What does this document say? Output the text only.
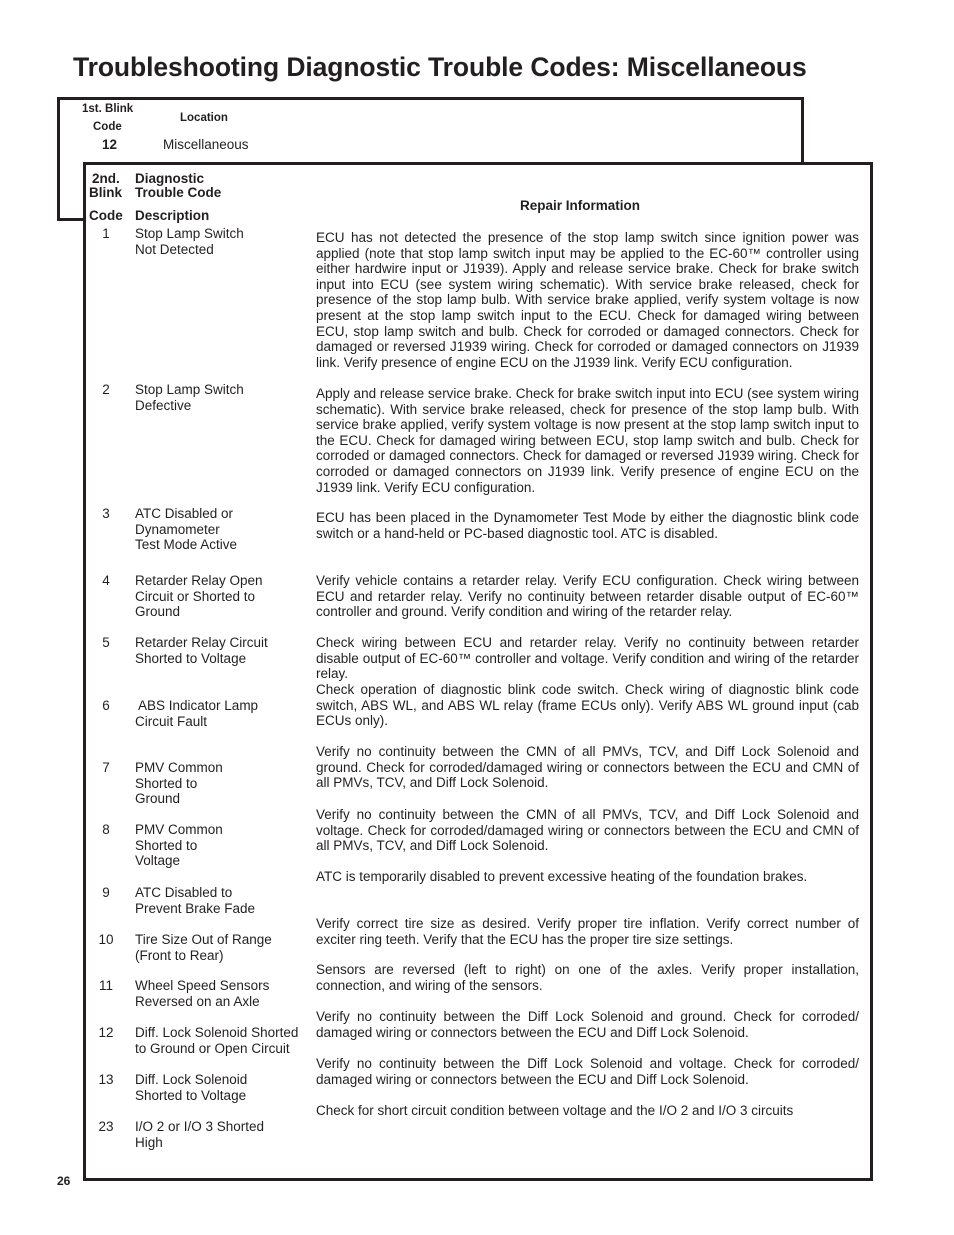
Troubleshooting Diagnostic Trouble Codes: Miscellaneous
1st. Blink
Code
Location
12	Miscellaneous
2nd.
Blink
Code
Diagnostic
Trouble Code
Description
Repair Information
1	Stop Lamp Switch
Not Detected
ECU has not detected the presence of the stop lamp switch since ignition power was applied (note that stop lamp switch input may be applied to the EC-60™ controller using either hardwire input or J1939). Apply and release service brake. Check for brake switch input into ECU (see system wiring schematic). With service brake released, check for presence of the stop lamp bulb. With service brake applied, verify system voltage is now present at the stop lamp switch input to the ECU. Check for damaged wiring between ECU, stop lamp switch and bulb. Check for corroded or damaged connectors. Check for damaged or reversed J1939 wiring. Check for corroded or damaged connectors on J1939 link. Verify presence of engine ECU on the J1939 link. Verify ECU configuration.
2	Stop Lamp Switch
Defective
Apply and release service brake. Check for brake switch input into ECU (see system wiring schematic). With service brake released, check for presence of the stop lamp bulb. With service brake applied, verify system voltage is now present at the stop lamp switch input to the ECU. Check for damaged wiring between ECU, stop lamp switch and bulb. Check for corroded or damaged connectors. Check for damaged or reversed J1939 wiring. Check for corroded or damaged connectors on J1939 link. Verify presence of engine ECU on the J1939 link. Verify ECU configuration.
3	ATC Disabled or
Dynamometer
Test Mode Active
ECU has been placed in the Dynamometer Test Mode by either the diagnostic blink code switch or a hand-held or PC-based diagnostic tool. ATC is disabled.
4	Retarder Relay Open
Circuit or Shorted to
Ground
Verify vehicle contains a retarder relay. Verify ECU configuration. Check wiring between ECU and retarder relay. Verify no continuity between retarder disable output of EC-60™ controller and ground. Verify condition and wiring of the retarder relay.
5	Retarder Relay Circuit
Shorted to Voltage
Check wiring between ECU and retarder relay. Verify no continuity between retarder disable output of EC-60™ controller and voltage. Verify condition and wiring of the retarder relay.
6	ABS Indicator Lamp
Circuit Fault
Check operation of diagnostic blink code switch. Check wiring of diagnostic blink code switch, ABS WL, and ABS WL relay (frame ECUs only). Verify ABS WL ground input (cab ECUs only).
7	PMV Common
Shorted to
Ground
Verify no continuity between the CMN of all PMVs, TCV, and Diff Lock Solenoid and ground. Check for corroded/damaged wiring or connectors between the ECU and CMN of all PMVs, TCV, and Diff Lock Solenoid.
8	PMV Common
Shorted to
Voltage
Verify no continuity between the CMN of all PMVs, TCV, and Diff Lock Solenoid and voltage. Check for corroded/damaged wiring or connectors between the ECU and CMN of all PMVs, TCV, and Diff Lock Solenoid.
9	ATC Disabled to
Prevent Brake Fade
ATC is temporarily disabled to prevent excessive heating of the foundation brakes.
10	Tire Size Out of Range
(Front to Rear)
Verify correct tire size as desired. Verify proper tire inflation. Verify correct number of exciter ring teeth. Verify that the ECU has the proper tire size settings.
11	Wheel Speed Sensors
Reversed on an Axle
Sensors are reversed (left to right) on one of the axles. Verify proper installation, connection, and wiring of the sensors.
12	Diff. Lock Solenoid Shorted
to Ground or Open Circuit
Verify no continuity between the Diff Lock Solenoid and ground. Check for corroded/ damaged wiring or connectors between the ECU and Diff Lock Solenoid.
13	Diff. Lock Solenoid
Shorted to Voltage
Verify no continuity between the Diff Lock Solenoid and voltage. Check for corroded/ damaged wiring or connectors between the ECU and Diff Lock Solenoid.
23	I/O 2 or I/O 3 Shorted
High
Check for short circuit condition between voltage and the I/O 2 and I/O 3 circuits
26
